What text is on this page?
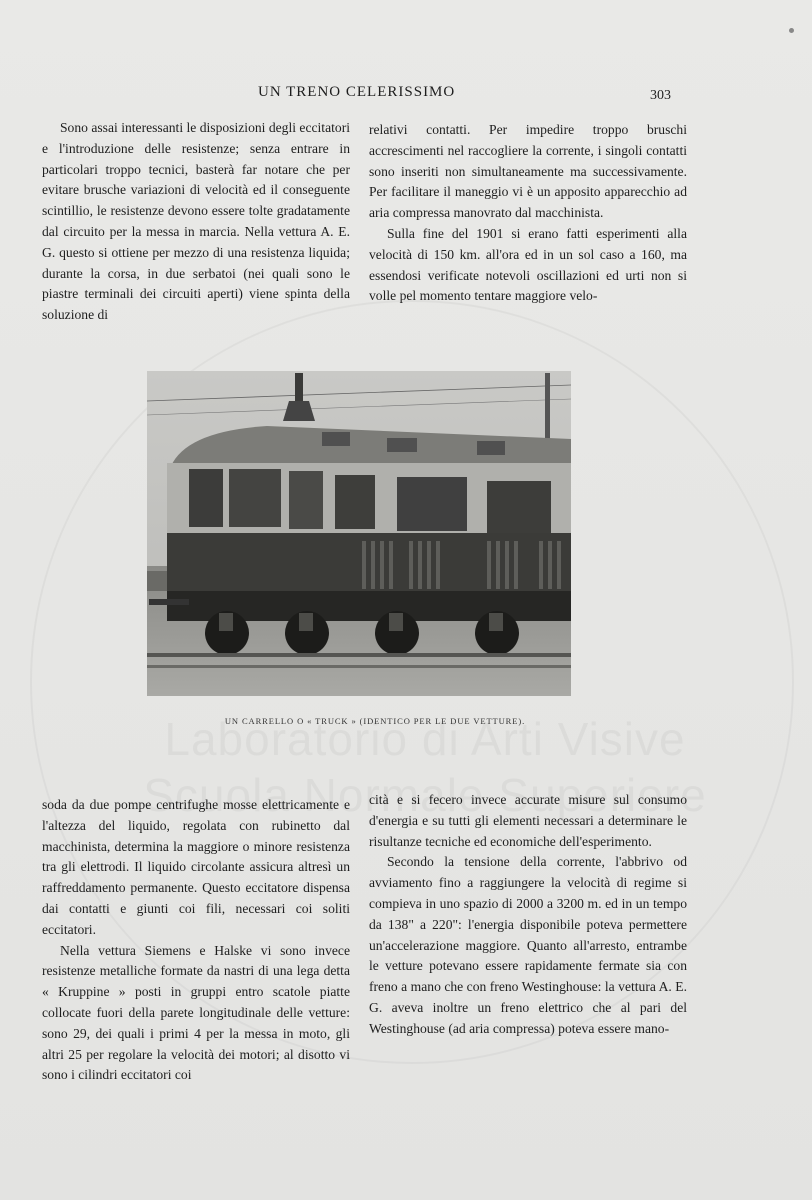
UN TRENO CELERISSIMO	303

Sono assai interessanti le disposizioni degli eccitatori e l'introduzione delle resistenze; senza entrare in particolari troppo tecnici, basterà far notare che per evitare brusche variazioni di velocità ed il conseguente scintillio, le resistenze devono essere tolte gradatamente dal circuito per la messa in marcia. Nella vettura A. E. G. questo si ottiene per mezzo di una resistenza liquida; durante la corsa, in due serbatoi (nei quali sono le piastre terminali dei circuiti aperti) viene spinta della soluzione di

relativi contatti. Per impedire troppo bruschi accrescimenti nel raccogliere la corrente, i singoli contatti sono inseriti non simultaneamente ma successivamente. Per facilitare il maneggio vi è un apposito apparecchio ad aria compressa manovrato dal macchinista.

Sulla fine del 1901 si erano fatti esperimenti alla velocità di 150 km. all'ora ed in un sol caso a 160, ma essendosi verificate notevoli oscillazioni ed urti non si volle pel momento tentare maggiore velo-

UN CARRELLO O « TRUCK » (IDENTICO PER LE DUE VETTURE).

soda da due pompe centrifughe mosse elettricamente e l'altezza del liquido, regolata con rubinetto dal macchinista, determina la maggiore o minore resistenza tra gli elettrodi. Il liquido circolante assicura altresì un raffreddamento permanente. Questo eccitatore dispensa dai contatti e giunti coi fili, necessari coi soliti eccitatori.

Nella vettura Siemens e Halske vi sono invece resistenze metalliche formate da nastri di una lega detta « Kruppine » posti in gruppi entro scatole piatte collocate fuori della parete longitudinale delle vetture: sono 29, dei quali i primi 4 per la messa in moto, gli altri 25 per regolare la velocità dei motori; al disotto vi sono i cilindri eccitatori coi

cità e si fecero invece accurate misure sul consumo d'energia e su tutti gli elementi necessari a determinare le risultanze tecniche ed economiche dell'esperimento.

Secondo la tensione della corrente, l'abbrivo od avviamento fino a raggiungere la velocità di regime si compieva in uno spazio di 2000 a 3200 m. ed in un tempo da 138" a 220": l'energia disponibile poteva permettere un'accelerazione maggiore. Quanto all'arresto, entrambe le vetture potevano essere rapidamente fermate sia con freno a mano che con freno Westinghouse: la vettura A. E. G. aveva inoltre un freno elettrico che al pari del Westinghouse (ad aria compressa) poteva essere mano-
